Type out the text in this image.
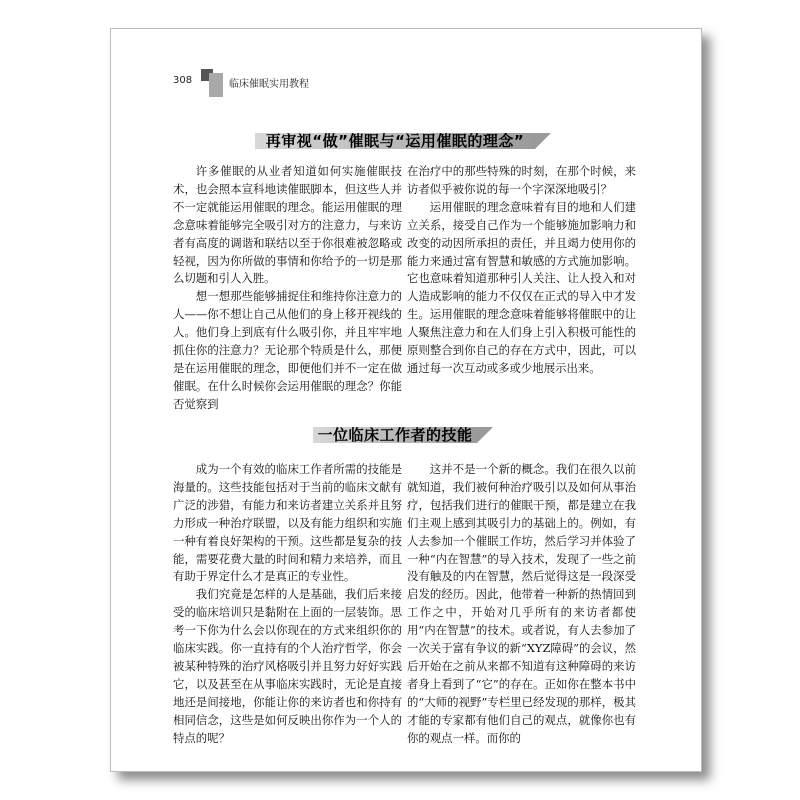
308	临床催眠实用教程
再审视“做”催眠与“运用催眠的理念”

许多催眠的从业者知道如何实施催眠技术，也会照本宣科地读催眠脚本，但这些人并不一定就能运用催眠的理念。能运用催眠的理念意味着能够完全吸引对方的注意力，与来访者有高度的调谐和联结以至于你很难被忽略或轻视，因为你所做的事情和你给予的一切是那么切题和引人入胜。

想一想那些能够捕捉住和维持你注意力的人——你不想让自己从他们的身上移开视线的人。他们身上到底有什么吸引你，并且牢牢地抓住你的注意力？无论那个特质是什么，那便是在运用催眠的理念，即便他们并不一定在做催眠。在什么时候你会运用催眠的理念？你能否觉察到

在治疗中的那些特殊的时刻，在那个时候，来访者似乎被你说的每一个字深深地吸引？

运用催眠的理念意味着有目的地和人们建立关系，接受自己作为一个能够施加影响力和改变的动因所承担的责任，并且竭力使用你的能力来通过富有智慧和敏感的方式施加影响。它也意味着知道那种引人关注、让人投入和对人造成影响的能力不仅仅在正式的导入中才发生。运用催眠的理念意味着能够将催眠中的让人聚焦注意力和在人们身上引入积极可能性的原则整合到你自己的存在方式中，因此，可以通过每一次互动或多或少地展示出来。

一位临床工作者的技能

成为一个有效的临床工作者所需的技能是海量的。这些技能包括对于当前的临床文献有广泛的涉猎，有能力和来访者建立关系并且努力形成一种治疗联盟，以及有能力组织和实施一种有着良好架构的干预。这些都是复杂的技能，需要花费大量的时间和精力来培养，而且有助于界定什么才是真正的专业性。

我们究竟是怎样的人是基础，我们后来接受的临床培训只是黏附在上面的一层装饰。思考一下你为什么会以你现在的方式来组织你的临床实践。你一直持有的个人治疗哲学，你会被某种特殊的治疗风格吸引并且努力好好实践它，以及甚至在从事临床实践时，无论是直接地还是间接地，你能让你的来访者也和你持有相同信念，这些是如何反映出你作为一个人的特点的呢？

这并不是一个新的概念。我们在很久以前就知道，我们被何种治疗吸引以及如何从事治疗，包括我们进行的催眠干预，都是建立在我们主观上感到其吸引力的基础上的。例如，有人去参加一个催眠工作坊，然后学习并体验了一种“内在智慧”的导入技术，发现了一些之前没有触及的内在智慧，然后觉得这是一段深受启发的经历。因此，他带着一种新的热情回到工作之中，开始对几乎所有的来访者都使用“内在智慧”的技术。或者说，有人去参加了一次关于富有争议的新“XYZ障碍”的会议，然后开始在之前从来都不知道有这种障碍的来访者身上看到了“它”的存在。正如你在整本书中的“大师的视野”专栏里已经发现的那样，极其才能的专家都有他们自己的观点，就像你也有你的观点一样。而你的
